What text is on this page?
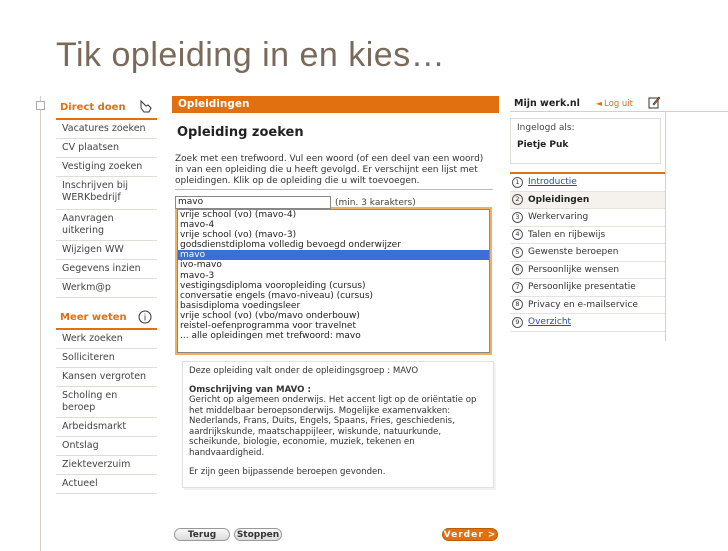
Tik opleiding in en kies…
Direct doen
Vacatures zoeken
CV plaatsen
Vestiging zoeken
Inschrijven bij WERKbedrijf
Aanvragen uitkering
Wijzigen WW
Gegevens inzien
Werkm@p
Meer weten i
Werk zoeken
Solliciteren
Kansen vergroten
Scholing en beroep
Arbeidsmarkt
Ontslag
Ziekteverzuim
Actueel
Opleidingen
Opleiding zoeken
Zoek met een trefwoord. Vul een woord (of een deel van een woord) in van een opleiding die u heeft gevolgd. Er verschijnt een lijst met opleidingen. Klik op de opleiding die u wilt toevoegen.
mavo
(min. 3 karakters)
vrije school (vo) (mavo-4)
mavo-4
vrije school (vo) (mavo-3)
godsdienstdiploma volledig bevoegd onderwijzer
mavo
ivo-mavo
mavo-3
vestigingsdiploma vooropleiding (cursus)
conversatie engels (mavo-niveau) (cursus)
basisdiploma voedingsleer
vrije school (vo) (vbo/mavo onderbouw)
reistel-oefenprogramma voor travelnet
... alle opleidingen met trefwoord: mavo
Deze opleiding valt onder de opleidingsgroep : MAVO
Omschrijving van MAVO :
Gericht op algemeen onderwijs. Het accent ligt op de oriëntatie op het middelbaar beroepsonderwijs. Mogelijke examenvakken: Nederlands, Frans, Duits, Engels, Spaans, Fries, geschiedenis, aardrijkskunde, maatschappijleer, wiskunde, natuurkunde, scheikunde, biologie, economie, muziek, tekenen en handvaardigheid.
Er zijn geen bijpassende beroepen gevonden.
Terug	Stoppen	Verder >
Mijn werk.nl ◄ Log uit
Ingelogd als:
Pietje Puk
1 Introductie
2 Opleidingen
3 Werkervaring
4 Talen en rijbewijs
5 Gewenste beroepen
6 Persoonlijke wensen
7 Persoonlijke presentatie
8 Privacy en e-mailservice
9 Overzicht
